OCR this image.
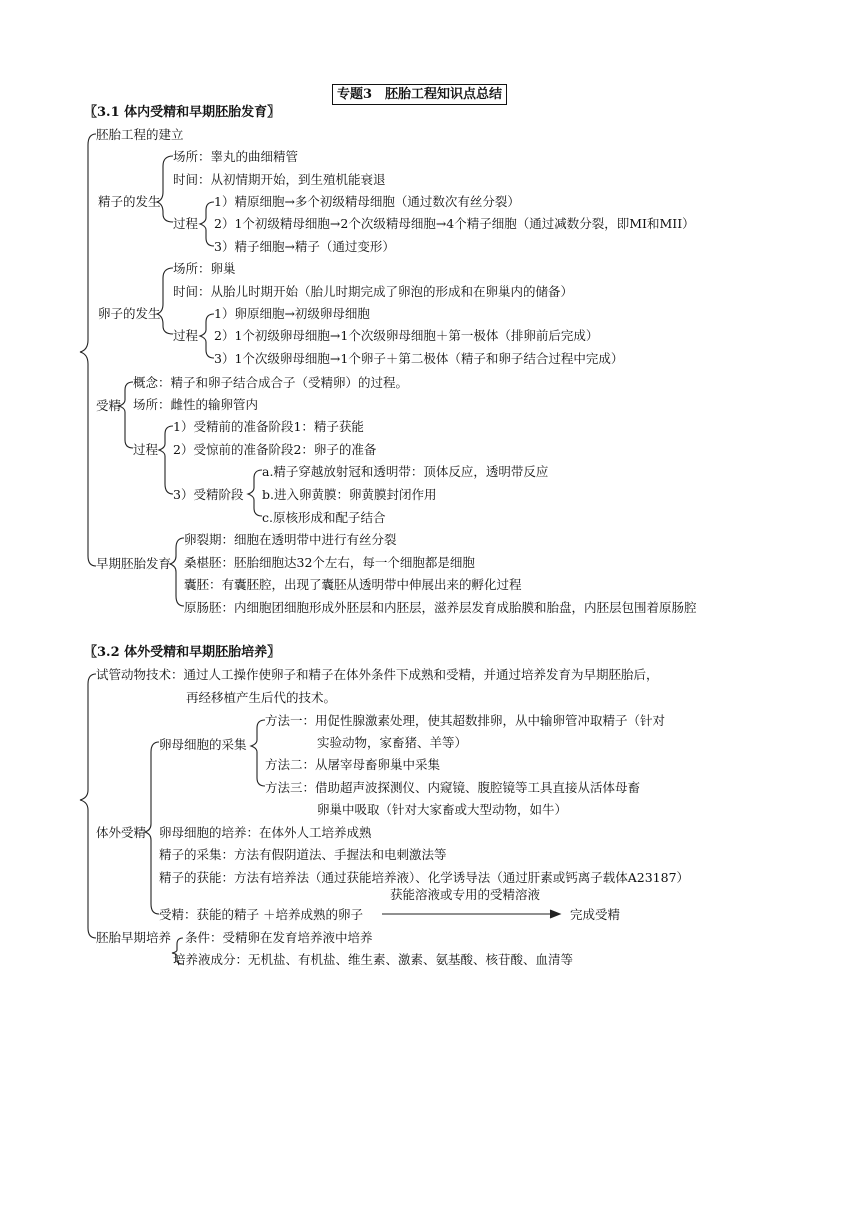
专题3　胚胎工程知识点总结
〖3.1 体内受精和早期胚胎发育〗
胚胎工程的建立
精子的发生
场所：睾丸的曲细精管
时间：从初情期开始，到生殖机能衰退
过程
1）精原细胞→多个初级精母细胞（通过数次有丝分裂）
2）1个初级精母细胞→2个次级精母细胞→4个精子细胞（通过减数分裂，即MI和MII）
3）精子细胞→精子（通过变形）
卵子的发生
场所：卵巢
时间：从胎儿时期开始（胎儿时期完成了卵泡的形成和在卵巢内的储备）
过程
1）卵原细胞→初级卵母细胞
2）1个初级卵母细胞→1个次级卵母细胞＋第一极体（排卵前后完成）
3）1个次级卵母细胞→1个卵子＋第二极体（精子和卵子结合过程中完成）
受精
概念：精子和卵子结合成合子（受精卵）的过程。
场所：雌性的输卵管内
过程
1）受精前的准备阶段1：精子获能
2）受惊前的准备阶段2：卵子的准备
3）受精阶段
a.精子穿越放射冠和透明带：顶体反应，透明带反应
b.进入卵黄膜：卵黄膜封闭作用
c.原核形成和配子结合
早期胚胎发育
卵裂期：细胞在透明带中进行有丝分裂
桑椹胚：胚胎细胞达32个左右，每一个细胞都是细胞
囊胚：有囊胚腔，出现了囊胚从透明带中伸展出来的孵化过程
原肠胚：内细胞团细胞形成外胚层和内胚层，滋养层发育成胎膜和胎盘，内胚层包围着原肠腔
〖3.2 体外受精和早期胚胎培养〗
试管动物技术：通过人工操作使卵子和精子在体外条件下成熟和受精，并通过培养发育为早期胚胎后，
再经移植产生后代的技术。
体外受精
卵母细胞的采集
方法一：用促性腺激素处理，使其超数排卵，从中输卵管冲取精子（针对
实验动物，家畜猪、羊等）
方法二：从屠宰母畜卵巢中采集
方法三：借助超声波探测仪、内窥镜、腹腔镜等工具直接从活体母畜
卵巢中吸取（针对大家畜或大型动物，如牛）
卵母细胞的培养：在体外人工培养成熟
精子的采集：方法有假阴道法、手握法和电刺激法等
精子的获能：方法有培养法（通过获能培养液）、化学诱导法（通过肝素或钙离子载体A23187）
获能溶液或专用的受精溶液
受精：获能的精子 ＋培养成熟的卵子	完成受精
胚胎早期培养 条件：受精卵在发育培养液中培养
培养液成分：无机盐、有机盐、维生素、激素、氨基酸、核苷酸、血清等
